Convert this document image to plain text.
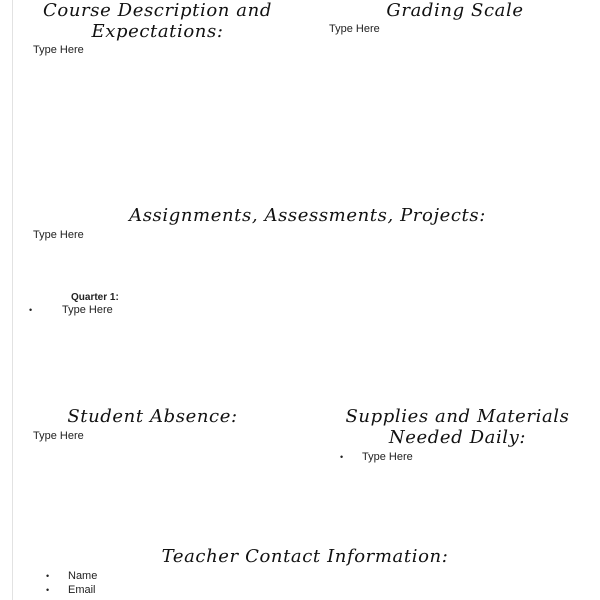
Course Description and
Expectations:
Type Here
Grading Scale
Type Here
Assignments, Assessments, Projects:
Type Here
Quarter 1:
•	Type Here
Student Absence:
Type Here
Supplies and Materials
Needed Daily:
• Type Here
Teacher Contact Information:
• Name
• Email
